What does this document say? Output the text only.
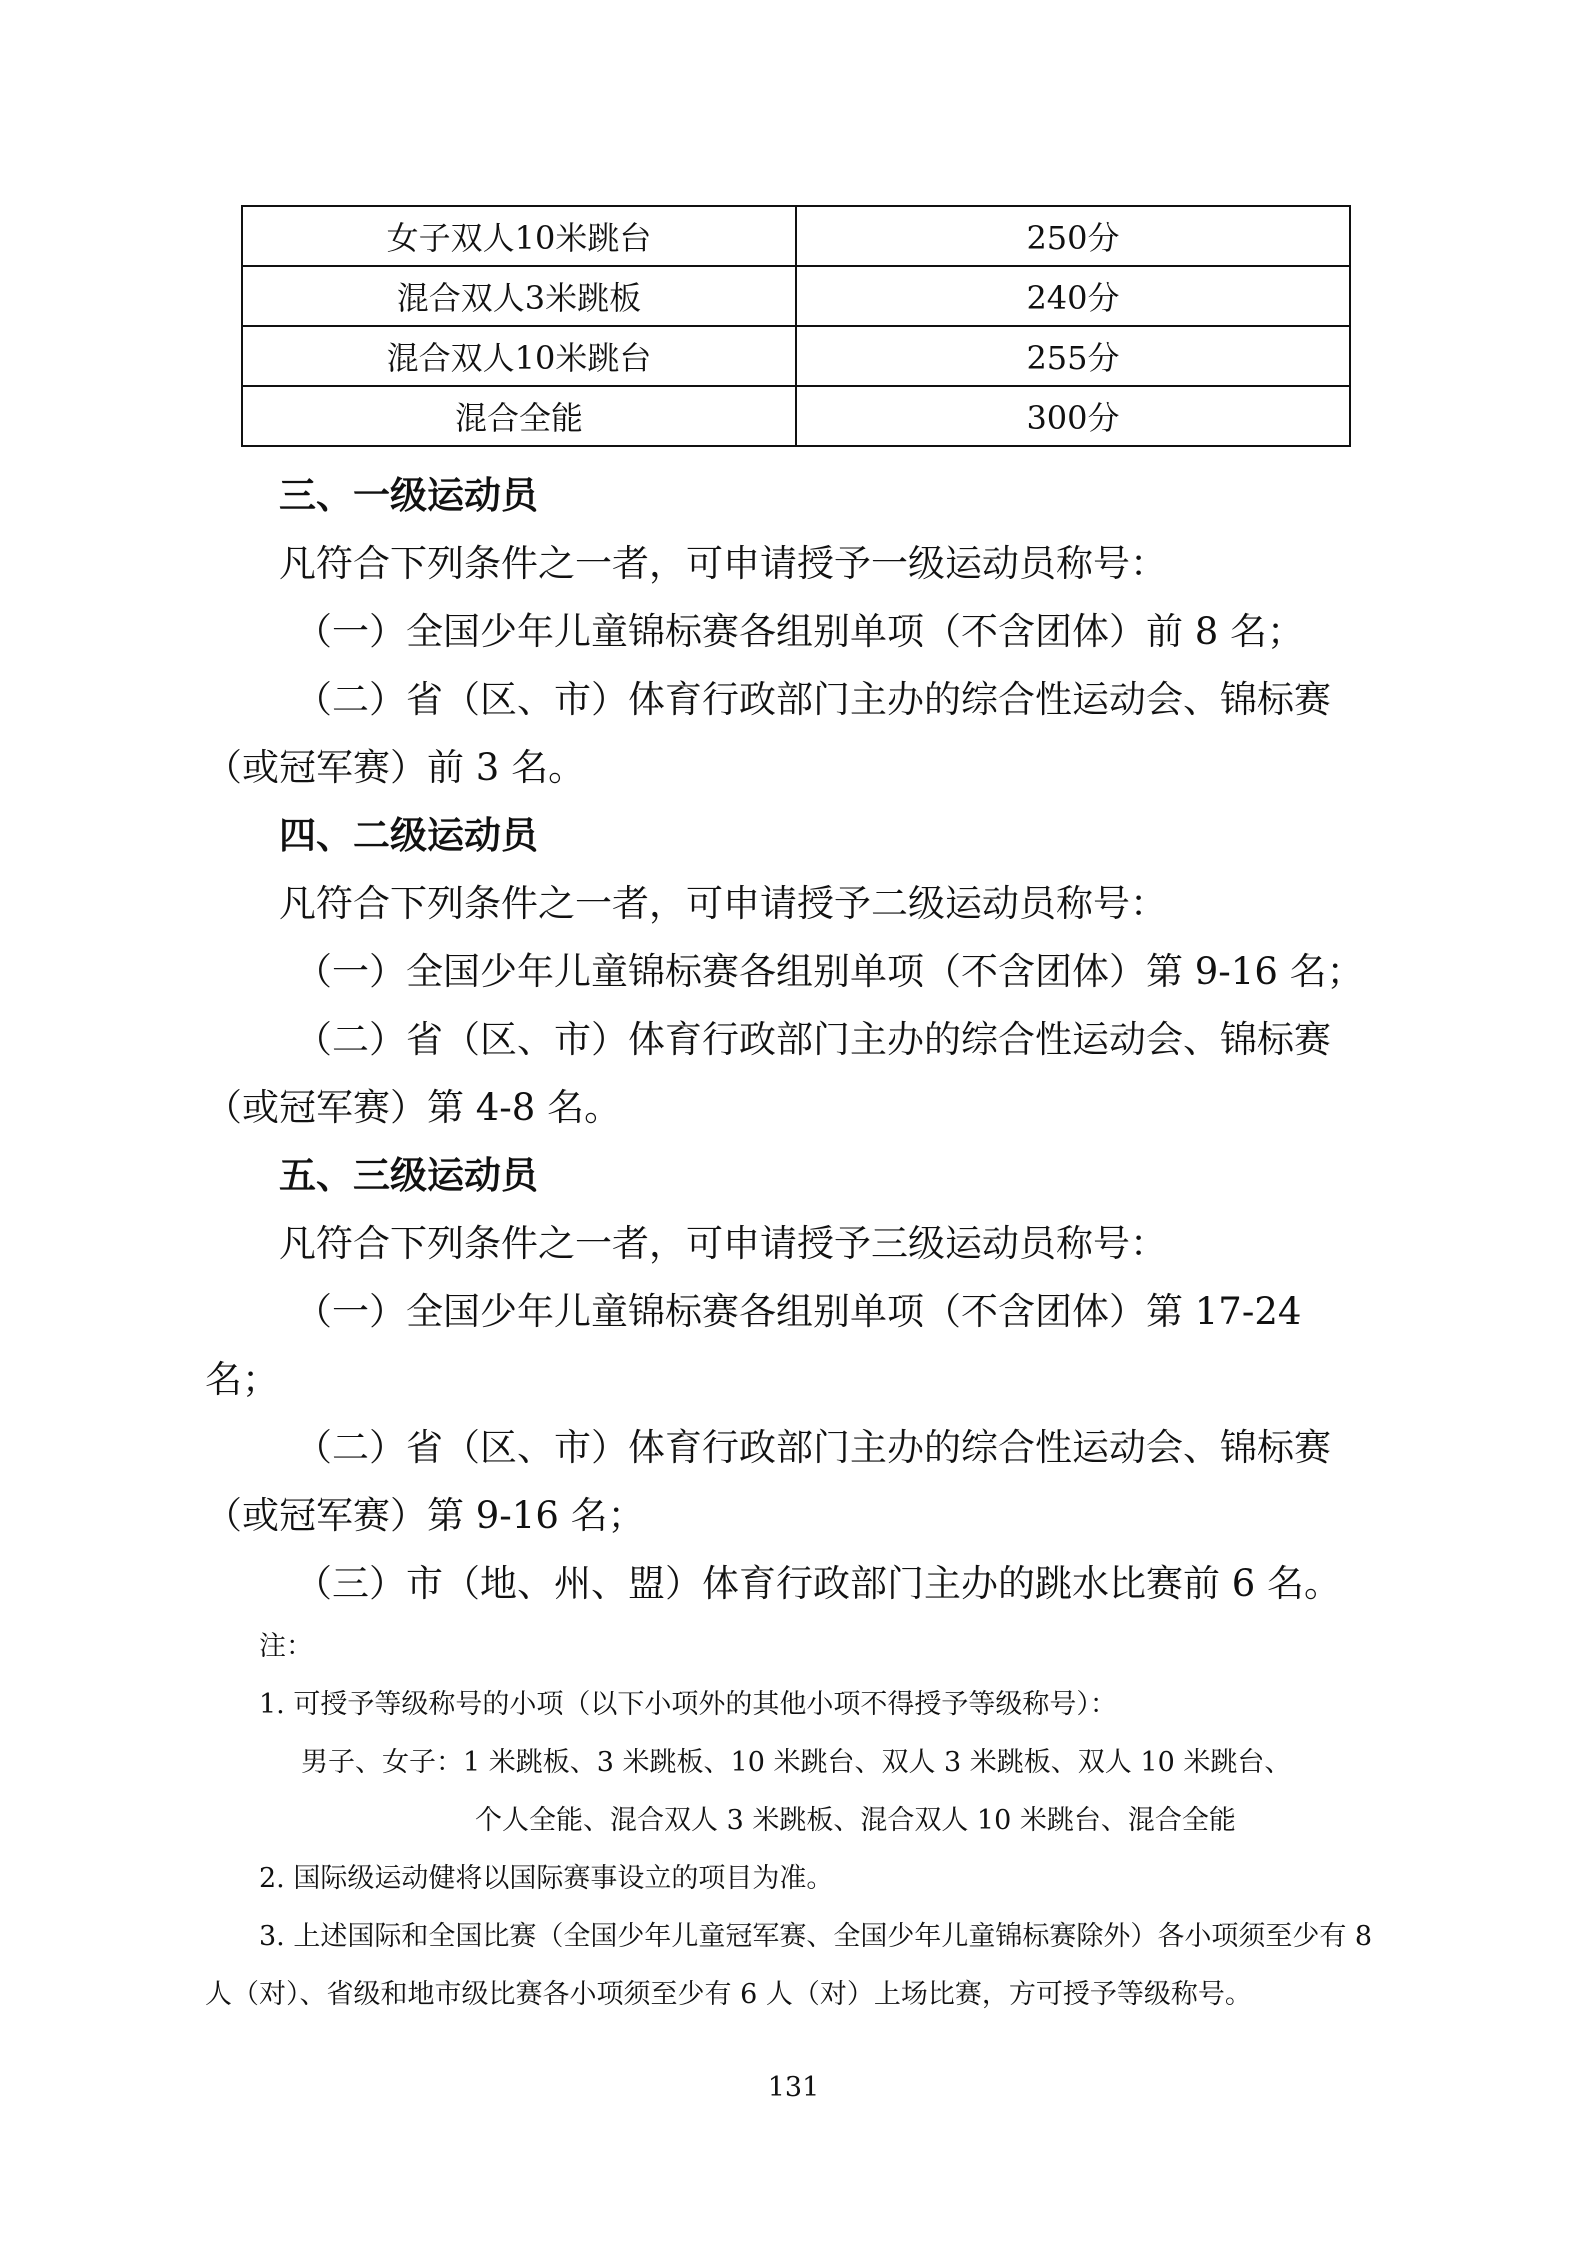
女子双人10米跳台	250分
混合双人3米跳板	240分
混合双人10米跳台	255分
混合全能	300分

三、一级运动员

凡符合下列条件之一者，可申请授予一级运动员称号：

（一）全国少年儿童锦标赛各组别单项（不含团体）前 8 名；

（二）省（区、市）体育行政部门主办的综合性运动会、锦标赛（或冠军赛）前 3 名。

四、二级运动员

凡符合下列条件之一者，可申请授予二级运动员称号：

（一）全国少年儿童锦标赛各组别单项（不含团体）第 9-16 名；

（二）省（区、市）体育行政部门主办的综合性运动会、锦标赛（或冠军赛）第 4-8 名。

五、三级运动员

凡符合下列条件之一者，可申请授予三级运动员称号：

（一）全国少年儿童锦标赛各组别单项（不含团体）第 17-24 名；

（二）省（区、市）体育行政部门主办的综合性运动会、锦标赛（或冠军赛）第 9-16 名；

（三）市（地、州、盟）体育行政部门主办的跳水比赛前 6 名。

注：

1. 可授予等级称号的小项（以下小项外的其他小项不得授予等级称号）：

男子、女子：1 米跳板、3 米跳板、10 米跳台、双人 3 米跳板、双人 10 米跳台、

个人全能、混合双人 3 米跳板、混合双人 10 米跳台、混合全能

2. 国际级运动健将以国际赛事设立的项目为准。

3. 上述国际和全国比赛（全国少年儿童冠军赛、全国少年儿童锦标赛除外）各小项须至少有 8 人（对）、省级和地市级比赛各小项须至少有 6 人（对）上场比赛，方可授予等级称号。

131
